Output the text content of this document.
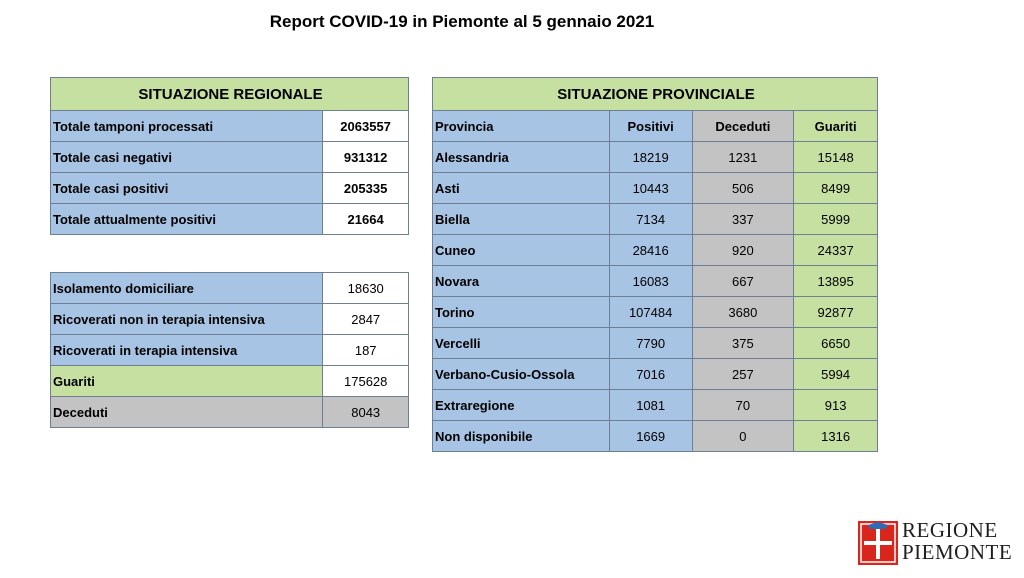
Report COVID-19 in Piemonte al 5 gennaio 2021
SITUAZIONE REGIONALE	
Totale tamponi processati	2063557
Totale casi negativi	931312
Totale casi positivi	205335
Totale attualmente positivi	21664
Isolamento domiciliare	18630
Ricoverati non in terapia intensiva	2847
Ricoverati in terapia intensiva	187
Guariti	175628
Deceduti	8043
SITUAZIONE PROVINCIALE			
Provincia	Positivi	Deceduti	Guariti
Alessandria	18219	1231	15148
Asti	10443	506	8499
Biella	7134	337	5999
Cuneo	28416	920	24337
Novara	16083	667	13895
Torino	107484	3680	92877
Vercelli	7790	375	6650
Verbano-Cusio-Ossola	7016	257	5994
Extraregione	1081	70	913
Non disponibile	1669	0	1316
REGIONE
PIEMONTE
